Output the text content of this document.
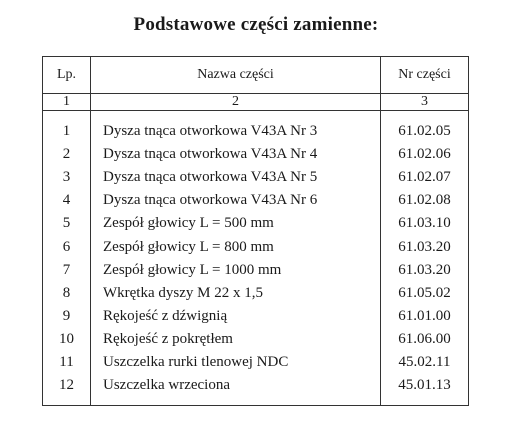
Podstawowe części zamienne:
Lp.	Nazwa części	Nr części
1	2	3

1	Dysza tnąca otworkowa V43A Nr 3	61.02.05
2	Dysza tnąca otworkowa V43A Nr 4	61.02.06
3	Dysza tnąca otworkowa V43A Nr 5	61.02.07
4	Dysza tnąca otworkowa V43A Nr 6	61.02.08
5	Zespół głowicy L = 500 mm	61.03.10
6	Zespół głowicy L = 800 mm	61.03.20
7	Zespół głowicy L = 1000 mm	61.03.20
8	Wkrętka dyszy M 22 x 1,5	61.05.02
9	Rękojeść z dźwignią	61.01.00
10	Rękojeść z pokrętłem	61.06.00
11	Uszczelka rurki tlenowej NDC	45.02.11
12	Uszczelka wrzeciona	45.01.13
